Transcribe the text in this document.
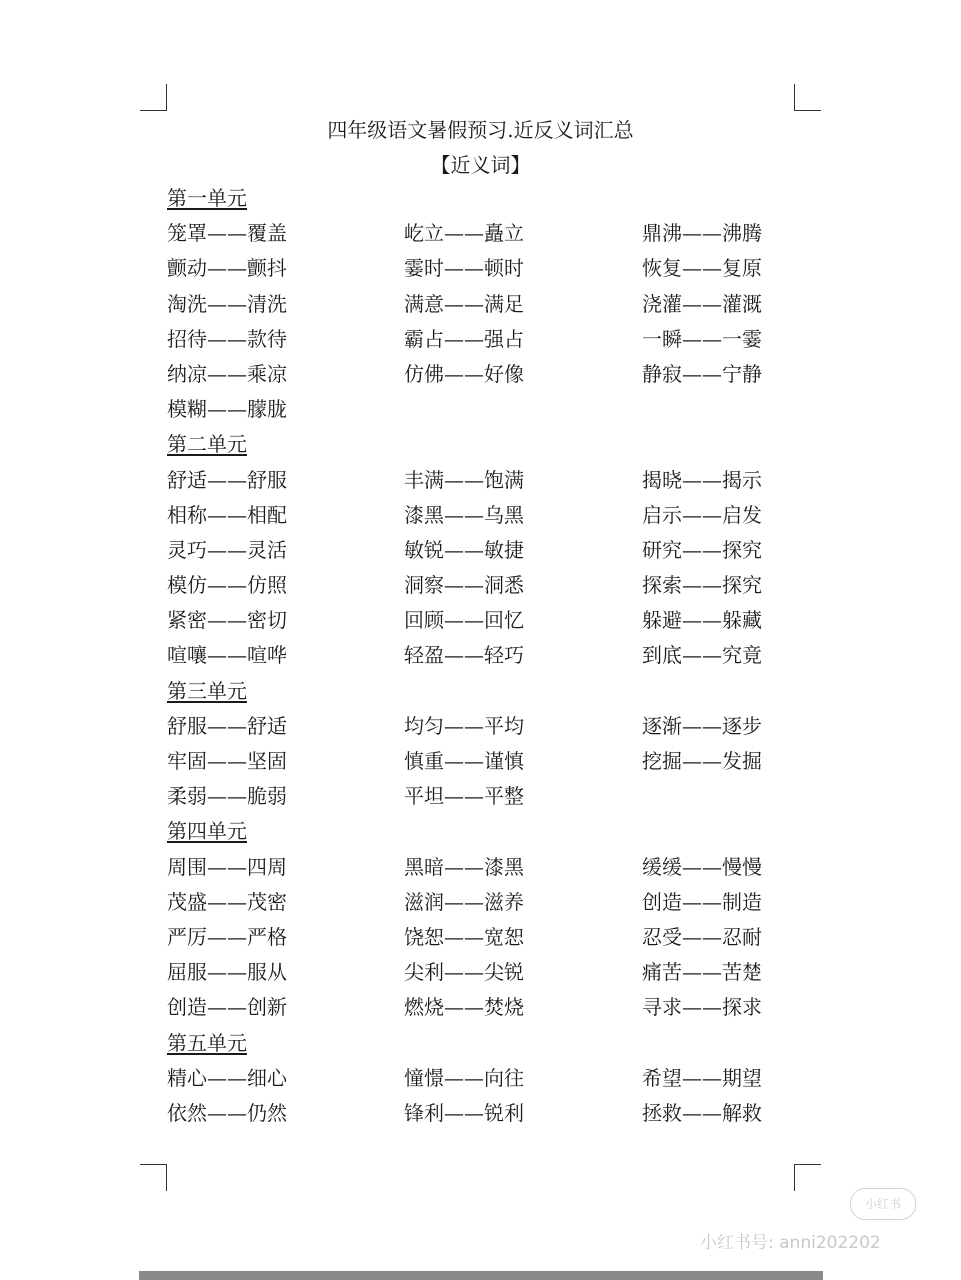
四年级语文暑假预习.近反义词汇总
【近义词】
第一单元
笼罩——覆盖	屹立——矗立	鼎沸——沸腾
颤动——颤抖	霎时——顿时	恢复——复原
淘洗——清洗	满意——满足	浇灌——灌溉
招待——款待	霸占——强占	一瞬——一霎
纳凉——乘凉	仿佛——好像	静寂——宁静
模糊——朦胧
第二单元
舒适——舒服	丰满——饱满	揭晓——揭示
相称——相配	漆黑——乌黑	启示——启发
灵巧——灵活	敏锐——敏捷	研究——探究
模仿——仿照	洞察——洞悉	探索——探究
紧密——密切	回顾——回忆	躲避——躲藏
喧嚷——喧哗	轻盈——轻巧	到底——究竟
第三单元
舒服——舒适	均匀——平均	逐渐——逐步
牢固——坚固	慎重——谨慎	挖掘——发掘
柔弱——脆弱	平坦——平整
第四单元
周围——四周	黑暗——漆黑	缓缓——慢慢
茂盛——茂密	滋润——滋养	创造——制造
严厉——严格	饶恕——宽恕	忍受——忍耐
屈服——服从	尖利——尖锐	痛苦——苦楚
创造——创新	燃烧——焚烧	寻求——探求
第五单元
精心——细心	憧憬——向往	希望——期望
依然——仍然	锋利——锐利	拯救——解救
小红书
小红书号: anni202202
